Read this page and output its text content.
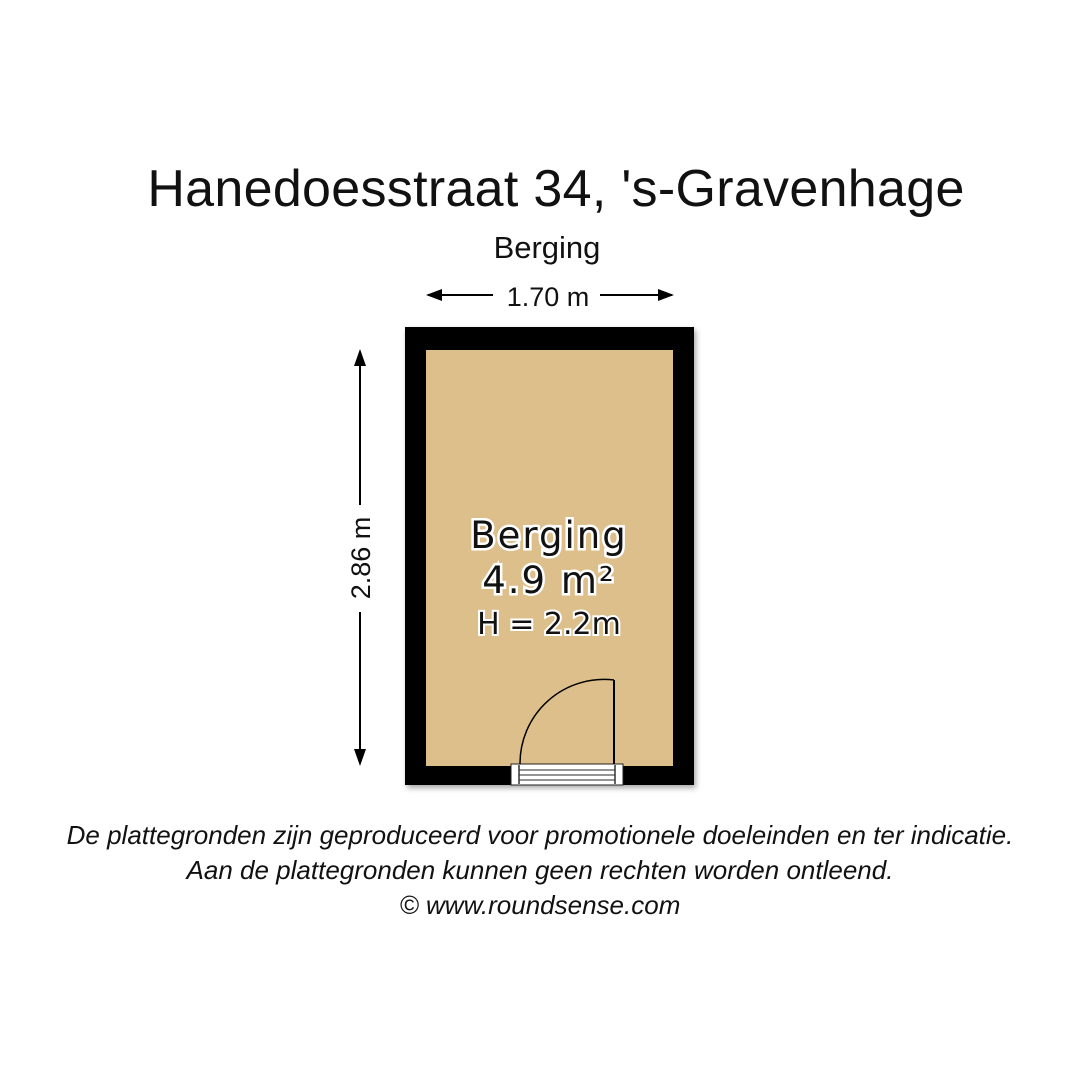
Hanedoesstraat 34, 's-Gravenhage
Berging
1.70 m
2.86 m	Berging
4.9 m²
H = 2.2m
De plattegronden zijn geproduceerd voor promotionele doeleinden en ter indicatie.
Aan de plattegronden kunnen geen rechten worden ontleend.
© www.roundsense.com
